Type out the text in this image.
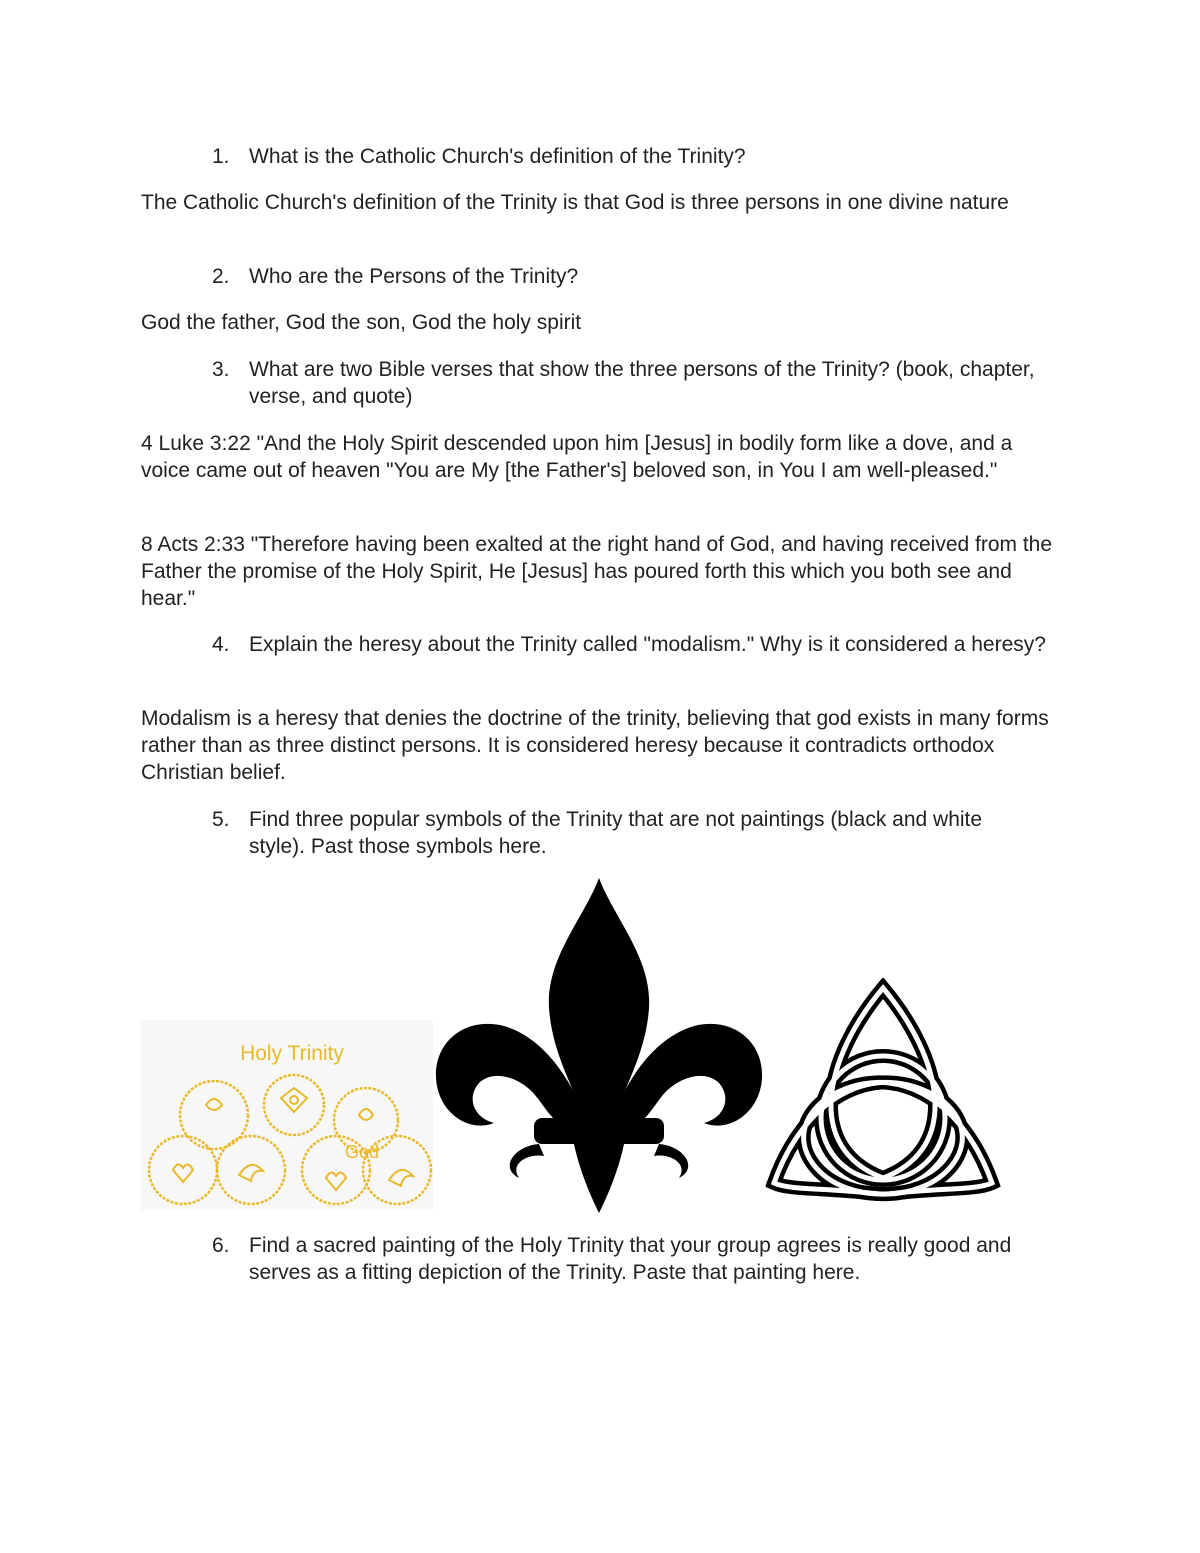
1. What is the Catholic Church's definition of the Trinity?
The Catholic Church's definition of the Trinity is that God is three persons in one divine nature
2. Who are the Persons of the Trinity?
God the father, God the son, God the holy spirit
3. What are two Bible verses that show the three persons of the Trinity? (book, chapter, verse, and quote)
4 Luke 3:22 "And the Holy Spirit descended upon him [Jesus] in bodily form like a dove, and a voice came out of heaven "You are My [the Father's] beloved son, in You I am well-pleased."
8 Acts 2:33 "Therefore having been exalted at the right hand of God, and having received from the Father the promise of the Holy Spirit, He [Jesus] has poured forth this which you both see and hear."
4. Explain the heresy about the Trinity called "modalism." Why is it considered a heresy?
Modalism is a heresy that denies the doctrine of the trinity, believing that god exists in many forms rather than as three distinct persons. It is considered heresy because it contradicts orthodox Christian belief.
5. Find three popular symbols of the Trinity that are not paintings (black and white style). Past those symbols here.
Holy Trinity
God
6. Find a sacred painting of the Holy Trinity that your group agrees is really good and serves as a fitting depiction of the Trinity. Paste that painting here.
